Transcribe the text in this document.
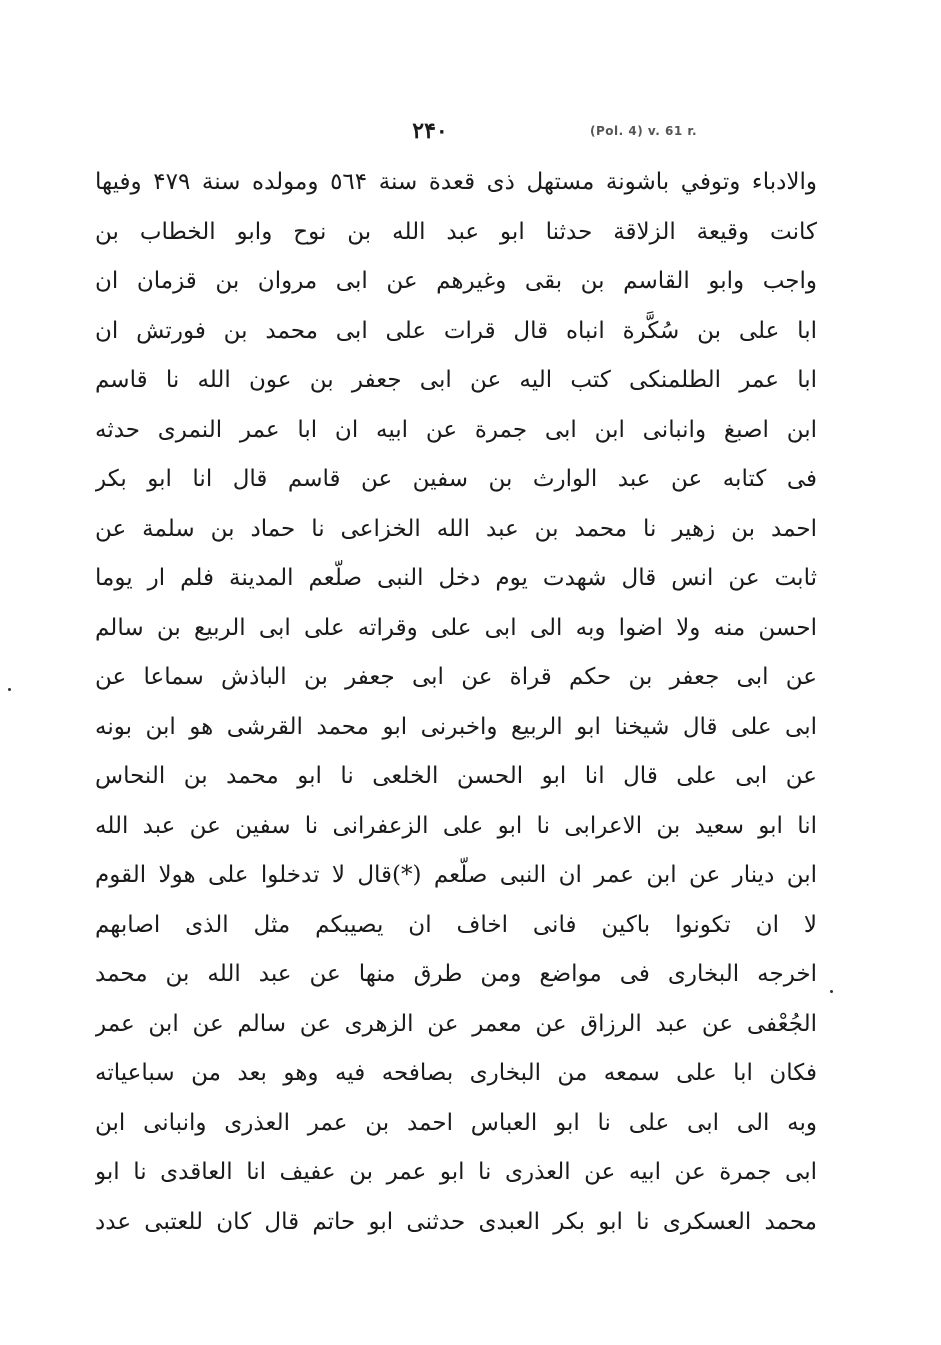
٢۴٠	(Pol. 4) v. 61 r.
والادباء وتوفي باشونة مستهل ذى قعدة سنة ٥٦۴ ومولده سنة ۴٧٩ وفيها
كانت وقيعة الزلاقة حدثنا ابو عبد الله بن نوح وابو الخطاب بن
واجب وابو القاسم بن بقى وغيرهم عن ابى مروان بن قزمان ان
ابا على بن سُكَّرة انباه قال قرات على ابى محمد بن فورتش ان
ابا عمر الطلمنكى كتب اليه عن ابى جعفر بن عون الله نا قاسم
ابن اصبغ وانبانى ابن ابى جمرة عن ابيه ان ابا عمر النمرى حدثه
فى كتابه عن عبد الوارث بن سفين عن قاسم قال انا ابو بكر
احمد بن زهير نا محمد بن عبد الله الخزاعى نا حماد بن سلمة عن
ثابت عن انس قال شهدت يوم دخل النبى صلّعم المدينة فلم ار يوما
احسن منه ولا اضوا وبه الى ابى على وقراته على ابى الربيع بن سالم
عن ابى جعفر بن حكم قراة عن ابى جعفر بن الباذش سماعا عن
ابى على قال شيخنا ابو الربيع واخبرنى ابو محمد القرشى هو ابن بونه
عن ابى على قال انا ابو الحسن الخلعى نا ابو محمد بن النحاس
انا ابو سعيد بن الاعرابى نا ابو على الزعفرانى نا سفين عن عبد الله
ابن دينار عن ابن عمر ان النبى صلّعم (*)قال لا تدخلوا على هولا القوم
لا ان تكونوا باكين فانى اخاف ان يصيبكم مثل الذى اصابهم
اخرجه البخارى فى مواضع ومن طرق منها عن عبد الله بن محمد
الجُعْفى عن عبد الرزاق عن معمر عن الزهرى عن سالم عن ابن عمر
فكان ابا على سمعه من البخارى بصافحه فيه وهو بعد من سباعياته
وبه الى ابى على نا ابو العباس احمد بن عمر العذرى وانبانى ابن
ابى جمرة عن ابيه عن العذرى نا ابو عمر بن عفيف انا العاقدى نا ابو
محمد العسكرى نا ابو بكر العبدى حدثنى ابو حاتم قال كان للعتبى عدد
